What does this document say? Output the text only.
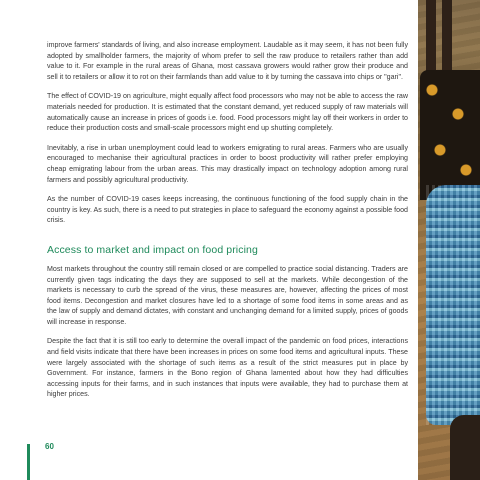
improve farmers' standards of living, and also increase employment. Laudable as it may seem, it has not been fully adopted by smallholder farmers, the majority of whom prefer to sell the raw produce to retailers rather than add value to it. For example in the rural areas of Ghana, most cassava growers would rather grow their produce and sell it to retailers or allow it to rot on their farmlands than add value to it by turning the cassava into chips or "gari".

The effect of COVID-19 on agriculture, might equally affect food processors who may not be able to access the raw materials needed for production. It is estimated that the constant demand, yet reduced supply of raw materials will automatically cause an increase in prices of goods i.e. food. Food processors might lay off their workers in order to reduce their production costs and small-scale processors might end up shutting completely.

Inevitably, a rise in urban unemployment could lead to workers emigrating to rural areas. Farmers who are usually encouraged to mechanise their agricultural practices in order to boost productivity will rather prefer employing cheap emigrating labour from the urban areas. This may drastically impact on technology adoption among rural farmers and possibly agricultural productivity.

As the number of COVID-19 cases keeps increasing, the continuous functioning of the food supply chain in the country is key. As such, there is a need to put strategies in place to safeguard the economy against a possible food crisis.

Access to market and impact on food pricing

Most markets throughout the country still remain closed or are compelled to practice social distancing. Traders are currently given tags indicating the days they are supposed to sell at the markets. While decongestion of the markets is necessary to curb the spread of the virus, these measures are, however, affecting the prices of most food items. Decongestion and market closures have led to a shortage of some food items in some areas and as the law of supply and demand dictates, with constant and unchanging demand for a limited supply, prices of goods will increase in response.

Despite the fact that it is still too early to determine the overall impact of the pandemic on food prices, interactions and field visits indicate that there have been increases in prices on some food items and agricultural inputs. These were largely associated with the shortage of such items as a result of the strict measures put in place by Government. For instance, farmers in the Bono region of Ghana lamented about how they had difficulties accessing inputs for their farms, and in such instances that inputs were available, they had to purchase them at higher prices.

60
